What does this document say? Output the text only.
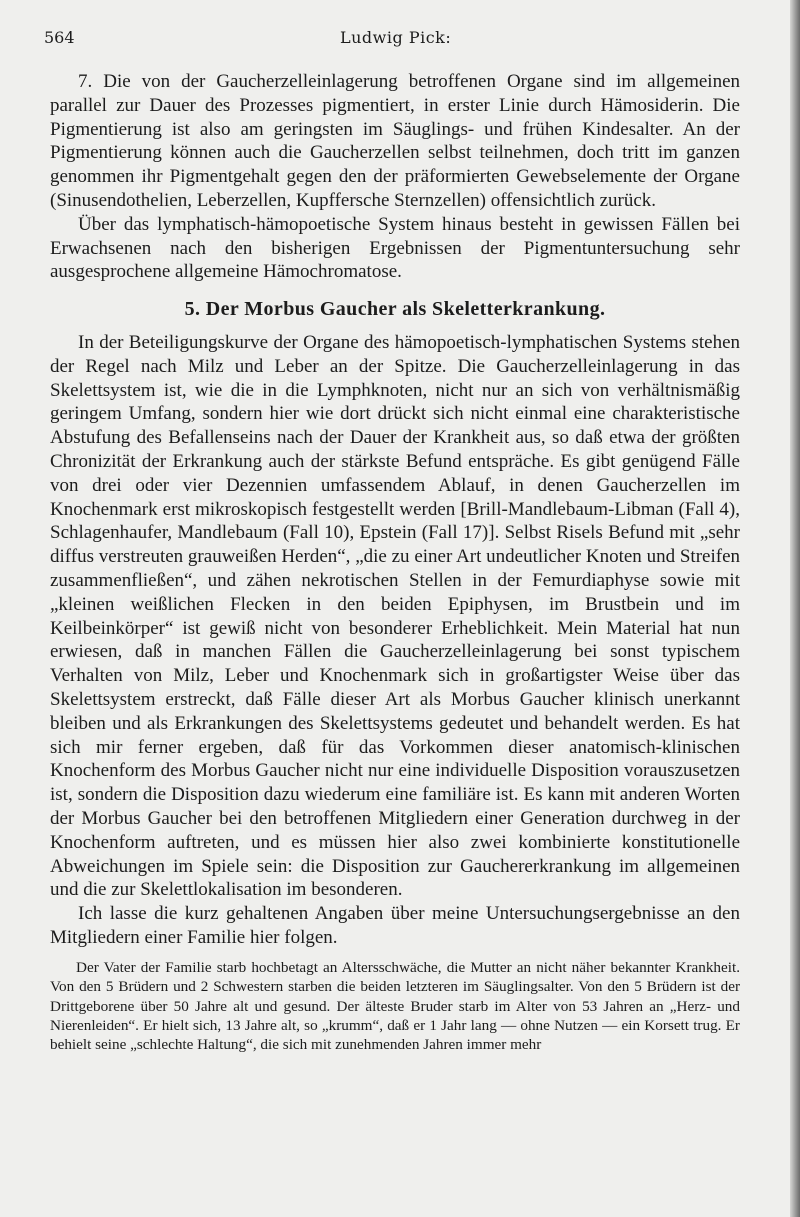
564	Ludwig Pick:

7. Die von der Gaucherzelleinlagerung betroffenen Organe sind im allgemeinen parallel zur Dauer des Prozesses pigmentiert, in erster Linie durch Hämosiderin. Die Pigmentierung ist also am geringsten im Säuglings- und frühen Kindesalter. An der Pigmentierung können auch die Gaucherzellen selbst teilnehmen, doch tritt im ganzen genommen ihr Pigmentgehalt gegen den der präformierten Gewebselemente der Organe (Sinusendothelien, Leberzellen, Kupffersche Sternzellen) offensichtlich zurück.

Über das lymphatisch-hämopoetische System hinaus besteht in gewissen Fällen bei Erwachsenen nach den bisherigen Ergebnissen der Pigmentuntersuchung sehr ausgesprochene allgemeine Hämochromatose.

5. Der Morbus Gaucher als Skeletterkrankung.

In der Beteiligungskurve der Organe des hämopoetisch-lymphatischen Systems stehen der Regel nach Milz und Leber an der Spitze. Die Gaucherzelleinlagerung in das Skelettsystem ist, wie die in die Lymphknoten, nicht nur an sich von verhältnismäßig geringem Umfang, sondern hier wie dort drückt sich nicht einmal eine charakteristische Abstufung des Befallenseins nach der Dauer der Krankheit aus, so daß etwa der größten Chronizität der Erkrankung auch der stärkste Befund entspräche. Es gibt genügend Fälle von drei oder vier Dezennien umfassendem Ablauf, in denen Gaucherzellen im Knochenmark erst mikroskopisch festgestellt werden [Brill-Mandlebaum-Libman (Fall 4), Schlagenhaufer, Mandlebaum (Fall 10), Epstein (Fall 17)]. Selbst Risels Befund mit „sehr diffus verstreuten grauweißen Herden“, „die zu einer Art undeutlicher Knoten und Streifen zusammenfließen“, und zähen nekrotischen Stellen in der Femurdiaphyse sowie mit „kleinen weißlichen Flecken in den beiden Epiphysen, im Brustbein und im Keilbeinkörper“ ist gewiß nicht von besonderer Erheblichkeit. Mein Material hat nun erwiesen, daß in manchen Fällen die Gaucherzelleinlagerung bei sonst typischem Verhalten von Milz, Leber und Knochenmark sich in großartigster Weise über das Skelettsystem erstreckt, daß Fälle dieser Art als Morbus Gaucher klinisch unerkannt bleiben und als Erkrankungen des Skelettsystems gedeutet und behandelt werden. Es hat sich mir ferner ergeben, daß für das Vorkommen dieser anatomisch-klinischen Knochenform des Morbus Gaucher nicht nur eine individuelle Disposition vorauszusetzen ist, sondern die Disposition dazu wiederum eine familiäre ist. Es kann mit anderen Worten der Morbus Gaucher bei den betroffenen Mitgliedern einer Generation durchweg in der Knochenform auftreten, und es müssen hier also zwei kombinierte konstitutionelle Abweichungen im Spiele sein: die Disposition zur Gauchererkrankung im allgemeinen und die zur Skelettlokalisation im besonderen.

Ich lasse die kurz gehaltenen Angaben über meine Untersuchungsergebnisse an den Mitgliedern einer Familie hier folgen.

Der Vater der Familie starb hochbetagt an Altersschwäche, die Mutter an nicht näher bekannter Krankheit. Von den 5 Brüdern und 2 Schwestern starben die beiden letzteren im Säuglingsalter. Von den 5 Brüdern ist der Drittgeborene über 50 Jahre alt und gesund. Der älteste Bruder starb im Alter von 53 Jahren an „Herz- und Nierenleiden“. Er hielt sich, 13 Jahre alt, so „krumm“, daß er 1 Jahr lang — ohne Nutzen — ein Korsett trug. Er behielt seine „schlechte Haltung“, die sich mit zunehmenden Jahren immer mehr
